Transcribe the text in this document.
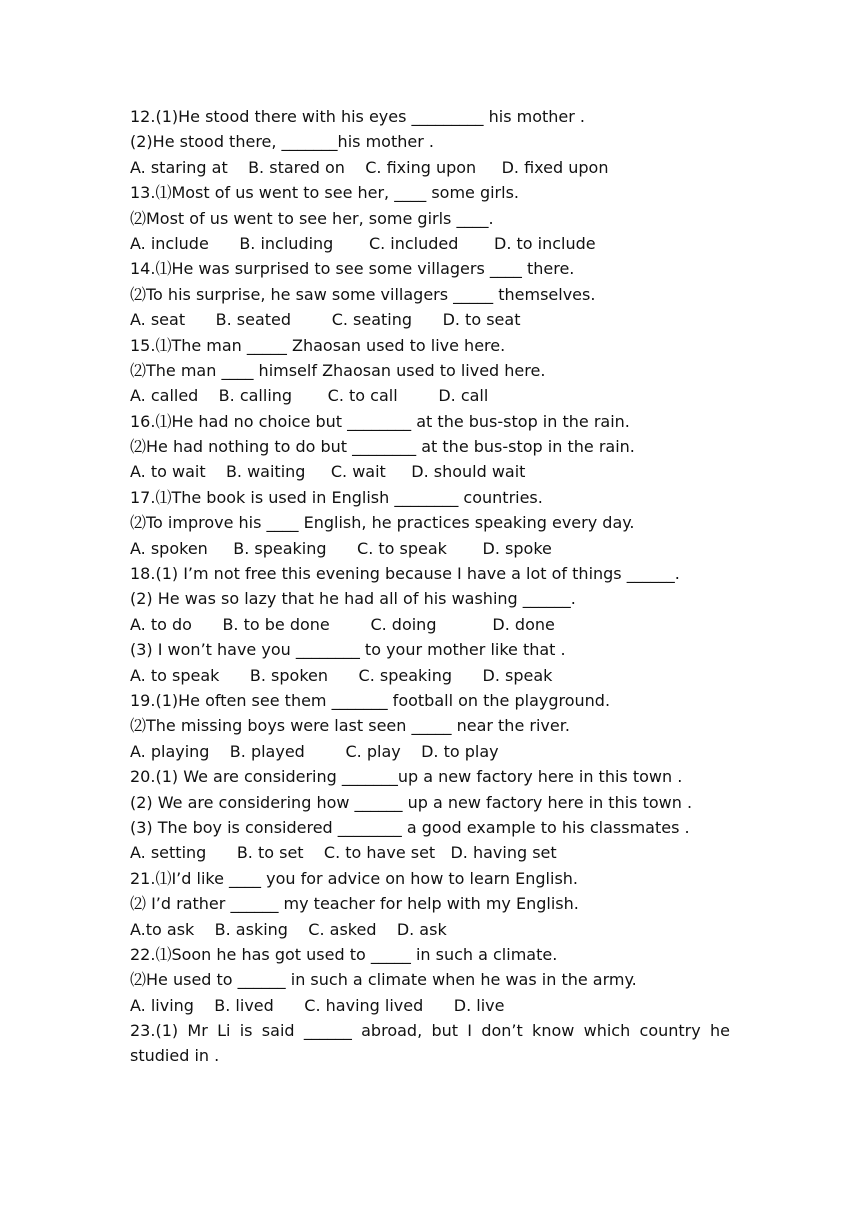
12.(1)He stood there with his eyes _________ his mother .
(2)He stood there, _______his mother .
A. staring at    B. stared on    C. fixing upon     D. fixed upon
13.⑴Most of us went to see her, ____ some girls.
⑵Most of us went to see her, some girls ____.
A. include      B. including       C. included       D. to include
14.⑴He was surprised to see some villagers ____ there.
⑵To his surprise, he saw some villagers _____ themselves.
A. seat      B. seated        C. seating      D. to seat
15.⑴The man _____ Zhaosan used to live here.
⑵The man ____ himself Zhaosan used to lived here.
A. called    B. calling       C. to call        D. call
16.⑴He had no choice but ________ at the bus-stop in the rain.
⑵He had nothing to do but ________ at the bus-stop in the rain.
A. to wait    B. waiting     C. wait     D. should wait
17.⑴The book is used in English ________ countries.
⑵To improve his ____ English, he practices speaking every day.
A. spoken     B. speaking      C. to speak       D. spoke
18.(1) I’m not free this evening because I have a lot of things ______.
(2) He was so lazy that he had all of his washing ______.
A. to do      B. to be done        C. doing           D. done
(3) I won’t have you ________ to your mother like that .
A. to speak      B. spoken      C. speaking      D. speak
19.(1)He often see them _______ football on the playground.
⑵The missing boys were last seen _____ near the river.
A. playing    B. played        C. play    D. to play
20.(1) We are considering _______up a new factory here in this town .
(2) We are considering how ______ up a new factory here in this town .
(3) The boy is considered ________ a good example to his classmates .
A. setting      B. to set    C. to have set   D. having set
21.⑴I’d like ____ you for advice on how to learn English.
⑵ I’d rather ______ my teacher for help with my English.
A.to ask    B. asking    C. asked    D. ask
22.⑴Soon he has got used to _____ in such a climate.
⑵He used to ______ in such a climate when he was in the army.
A. living    B. lived      C. having lived      D. live
23.(1) Mr Li is said ______ abroad, but I don’t know which country he
studied in .
